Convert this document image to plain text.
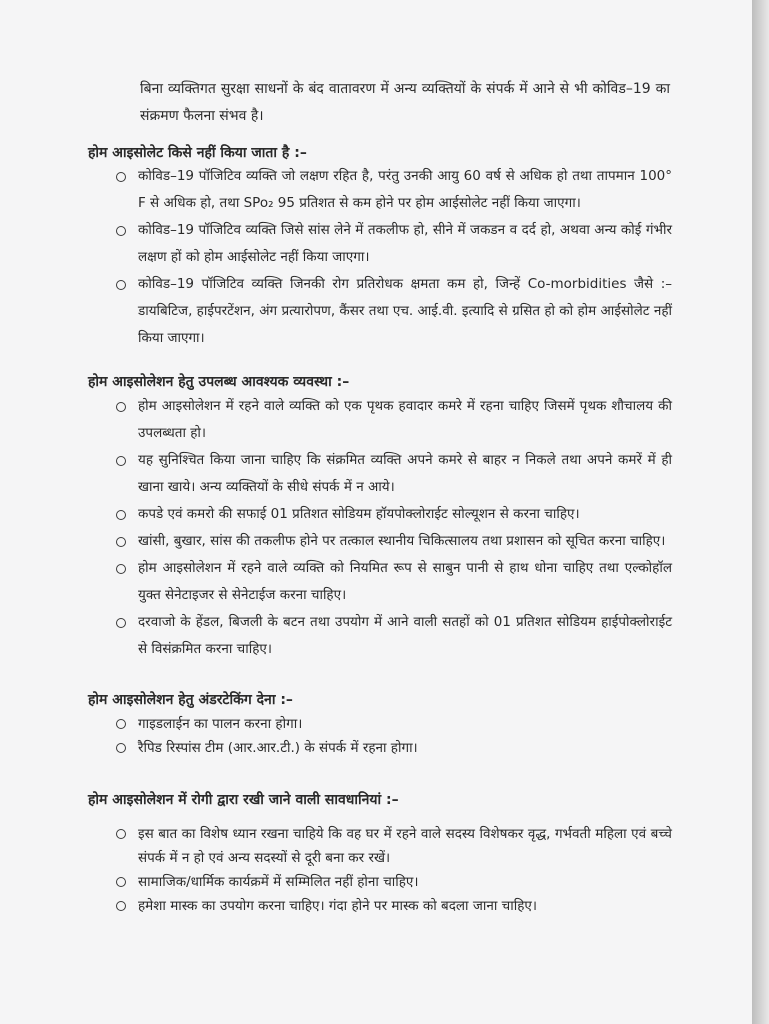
बिना व्यक्तिगत सुरक्षा साधनों के बंद वातावरण में अन्य व्यक्तियों के संपर्क में आने से भी कोविड–19 का संक्रमण फैलना संभव है।
होम आइसोलेट किसे नहीं किया जाता है :–
कोविड–19 पॉजिटिव व्यक्ति जो लक्षण रहित है, परंतु उनकी आयु 60 वर्ष से अधिक हो तथा तापमान 100° F से अधिक हो, तथा SPo₂ 95 प्रतिशत से कम होने पर होम आईसोलेट नहीं किया जाएगा।
कोविड–19 पॉजिटिव व्यक्ति जिसे सांस लेने में तकलीफ हो, सीने में जकडन व दर्द हो, अथवा अन्य कोई गंभीर लक्षण हों को होम आईसोलेट नहीं किया जाएगा।
कोविड–19 पॉजिटिव व्यक्ति जिनकी रोग प्रतिरोधक क्षमता कम हो, जिन्हें Co-morbidities जैसे :– डायबिटिज, हाईपरटेंशन, अंग प्रत्यारोपण, कैंसर तथा एच. आई.वी. इत्यादि से ग्रसित हो को होम आईसोलेट नहीं किया जाएगा।
होम आइसोलेशन हेतु उपलब्ध आवश्यक व्यवस्था :–
होम आइसोलेशन में रहने वाले व्यक्ति को एक पृथक हवादार कमरे में रहना चाहिए जिसमें पृथक शौचालय की उपलब्धता हो।
यह सुनिश्चित किया जाना चाहिए कि संक्रमित व्यक्ति अपने कमरे से बाहर न निकले तथा अपने कमरें में ही खाना खाये। अन्य व्यक्तियों के सीधे संपर्क में न आये।
कपडे एवं कमरो की सफाई 01 प्रतिशत सोडियम हॉयपोक्लोराईट सोल्यूशन से करना चाहिए।
खांसी, बुखार, सांस की तकलीफ होने पर तत्काल स्थानीय चिकित्सालय तथा प्रशासन को सूचित करना चाहिए।
होम आइसोलेशन में रहने वाले व्यक्ति को नियमित रूप से साबुन पानी से हाथ धोना चाहिए तथा एल्कोहॉल युक्त सेनेटाइजर से सेनेटाईज करना चाहिए।
दरवाजो के हेंडल, बिजली के बटन तथा उपयोग में आने वाली सतहों को 01 प्रतिशत सोडियम हाईपोक्लोराईट से विसंक्रमित करना चाहिए।
होम आइसोलेशन हेतु अंडरटेकिंग देना :–
गाइडलाईन का पालन करना होगा।
रैपिड रिस्पांस टीम (आर.आर.टी.) के संपर्क में रहना होगा।
होम आइसोलेशन में रोगी द्वारा रखी जाने वाली सावधानियां :–
इस बात का विशेष ध्यान रखना चाहिये कि वह घर में रहने वाले सदस्य विशेषकर वृद्ध, गर्भवती महिला एवं बच्चे संपर्क में न हो एवं अन्य सदस्यों से दूरी बना कर रखें।
सामाजिक/धार्मिक कार्यक्रमें में सम्मिलित नहीं होना चाहिए।
हमेशा मास्क का उपयोग करना चाहिए। गंदा होने पर मास्क को बदला जाना चाहिए।
